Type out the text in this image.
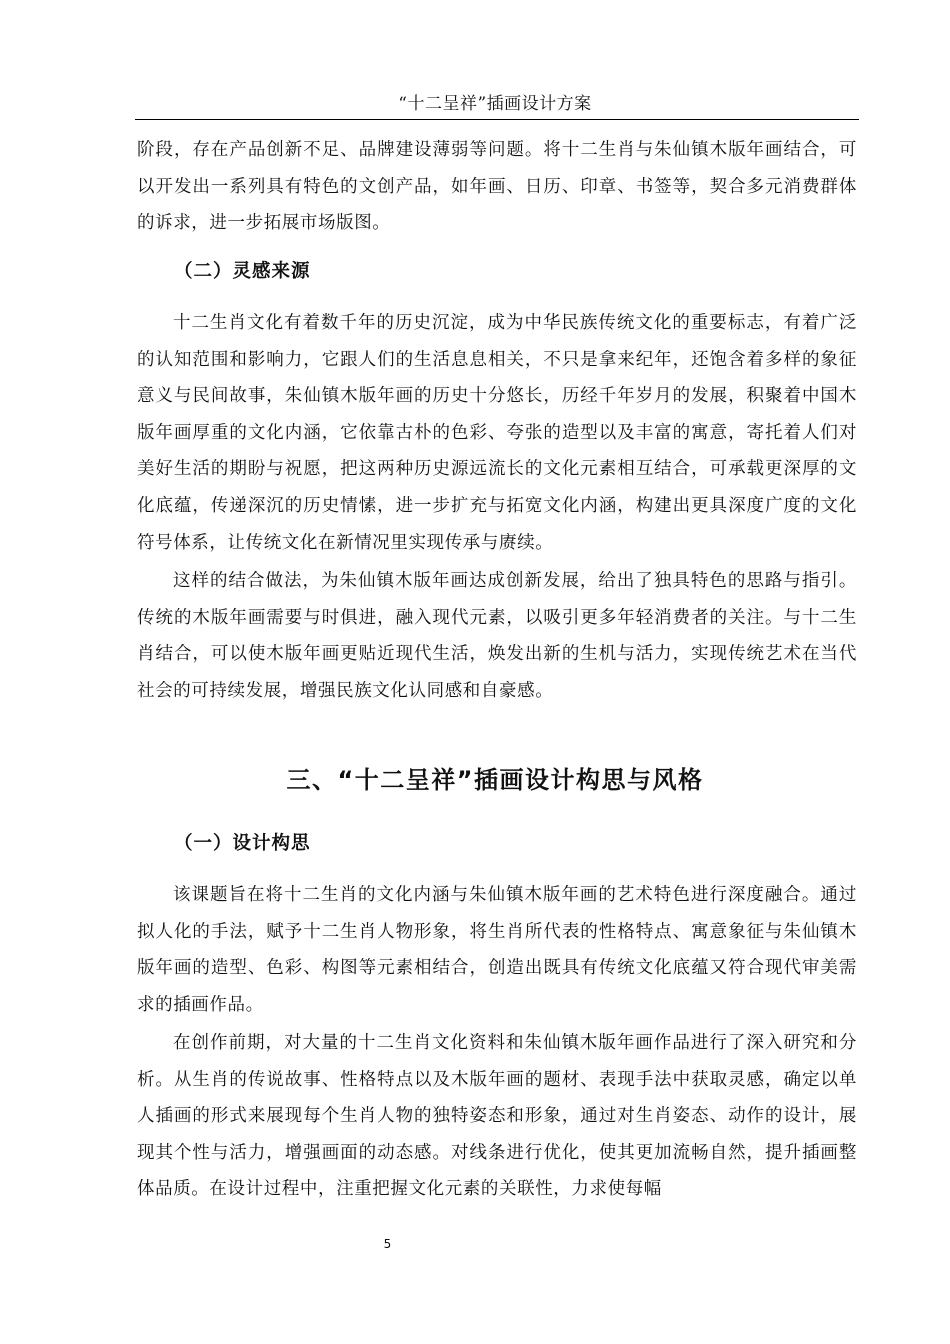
“十二呈祥”插画设计方案

阶段，存在产品创新不足、品牌建设薄弱等问题。将十二生肖与朱仙镇木版年画结合，可以开发出一系列具有特色的文创产品，如年画、日历、印章、书签等，契合多元消费群体的诉求，进一步拓展市场版图。

（二）灵感来源

十二生肖文化有着数千年的历史沉淀，成为中华民族传统文化的重要标志，有着广泛的认知范围和影响力，它跟人们的生活息息相关，不只是拿来纪年，还饱含着多样的象征意义与民间故事，朱仙镇木版年画的历史十分悠长，历经千年岁月的发展，积聚着中国木版年画厚重的文化内涵，它依靠古朴的色彩、夸张的造型以及丰富的寓意，寄托着人们对美好生活的期盼与祝愿，把这两种历史源远流长的文化元素相互结合，可承载更深厚的文化底蕴，传递深沉的历史情愫，进一步扩充与拓宽文化内涵，构建出更具深度广度的文化符号体系，让传统文化在新情况里实现传承与赓续。

这样的结合做法，为朱仙镇木版年画达成创新发展，给出了独具特色的思路与指引。传统的木版年画需要与时俱进，融入现代元素，以吸引更多年轻消费者的关注。与十二生肖结合，可以使木版年画更贴近现代生活，焕发出新的生机与活力，实现传统艺术在当代社会的可持续发展，增强民族文化认同感和自豪感。

三、“十二呈祥”插画设计构思与风格
（一）设计构思

该课题旨在将十二生肖的文化内涵与朱仙镇木版年画的艺术特色进行深度融合。通过拟人化的手法，赋予十二生肖人物形象，将生肖所代表的性格特点、寓意象征与朱仙镇木版年画的造型、色彩、构图等元素相结合，创造出既具有传统文化底蕴又符合现代审美需求的插画作品。

在创作前期，对大量的十二生肖文化资料和朱仙镇木版年画作品进行了深入研究和分析。从生肖的传说故事、性格特点以及木版年画的题材、表现手法中获取灵感，确定以单人插画的形式来展现每个生肖人物的独特姿态和形象，通过对生肖姿态、动作的设计，展现其个性与活力，增强画面的动态感。对线条进行优化，使其更加流畅自然，提升插画整体品质。在设计过程中，注重把握文化元素的关联性，力求使每幅

5
